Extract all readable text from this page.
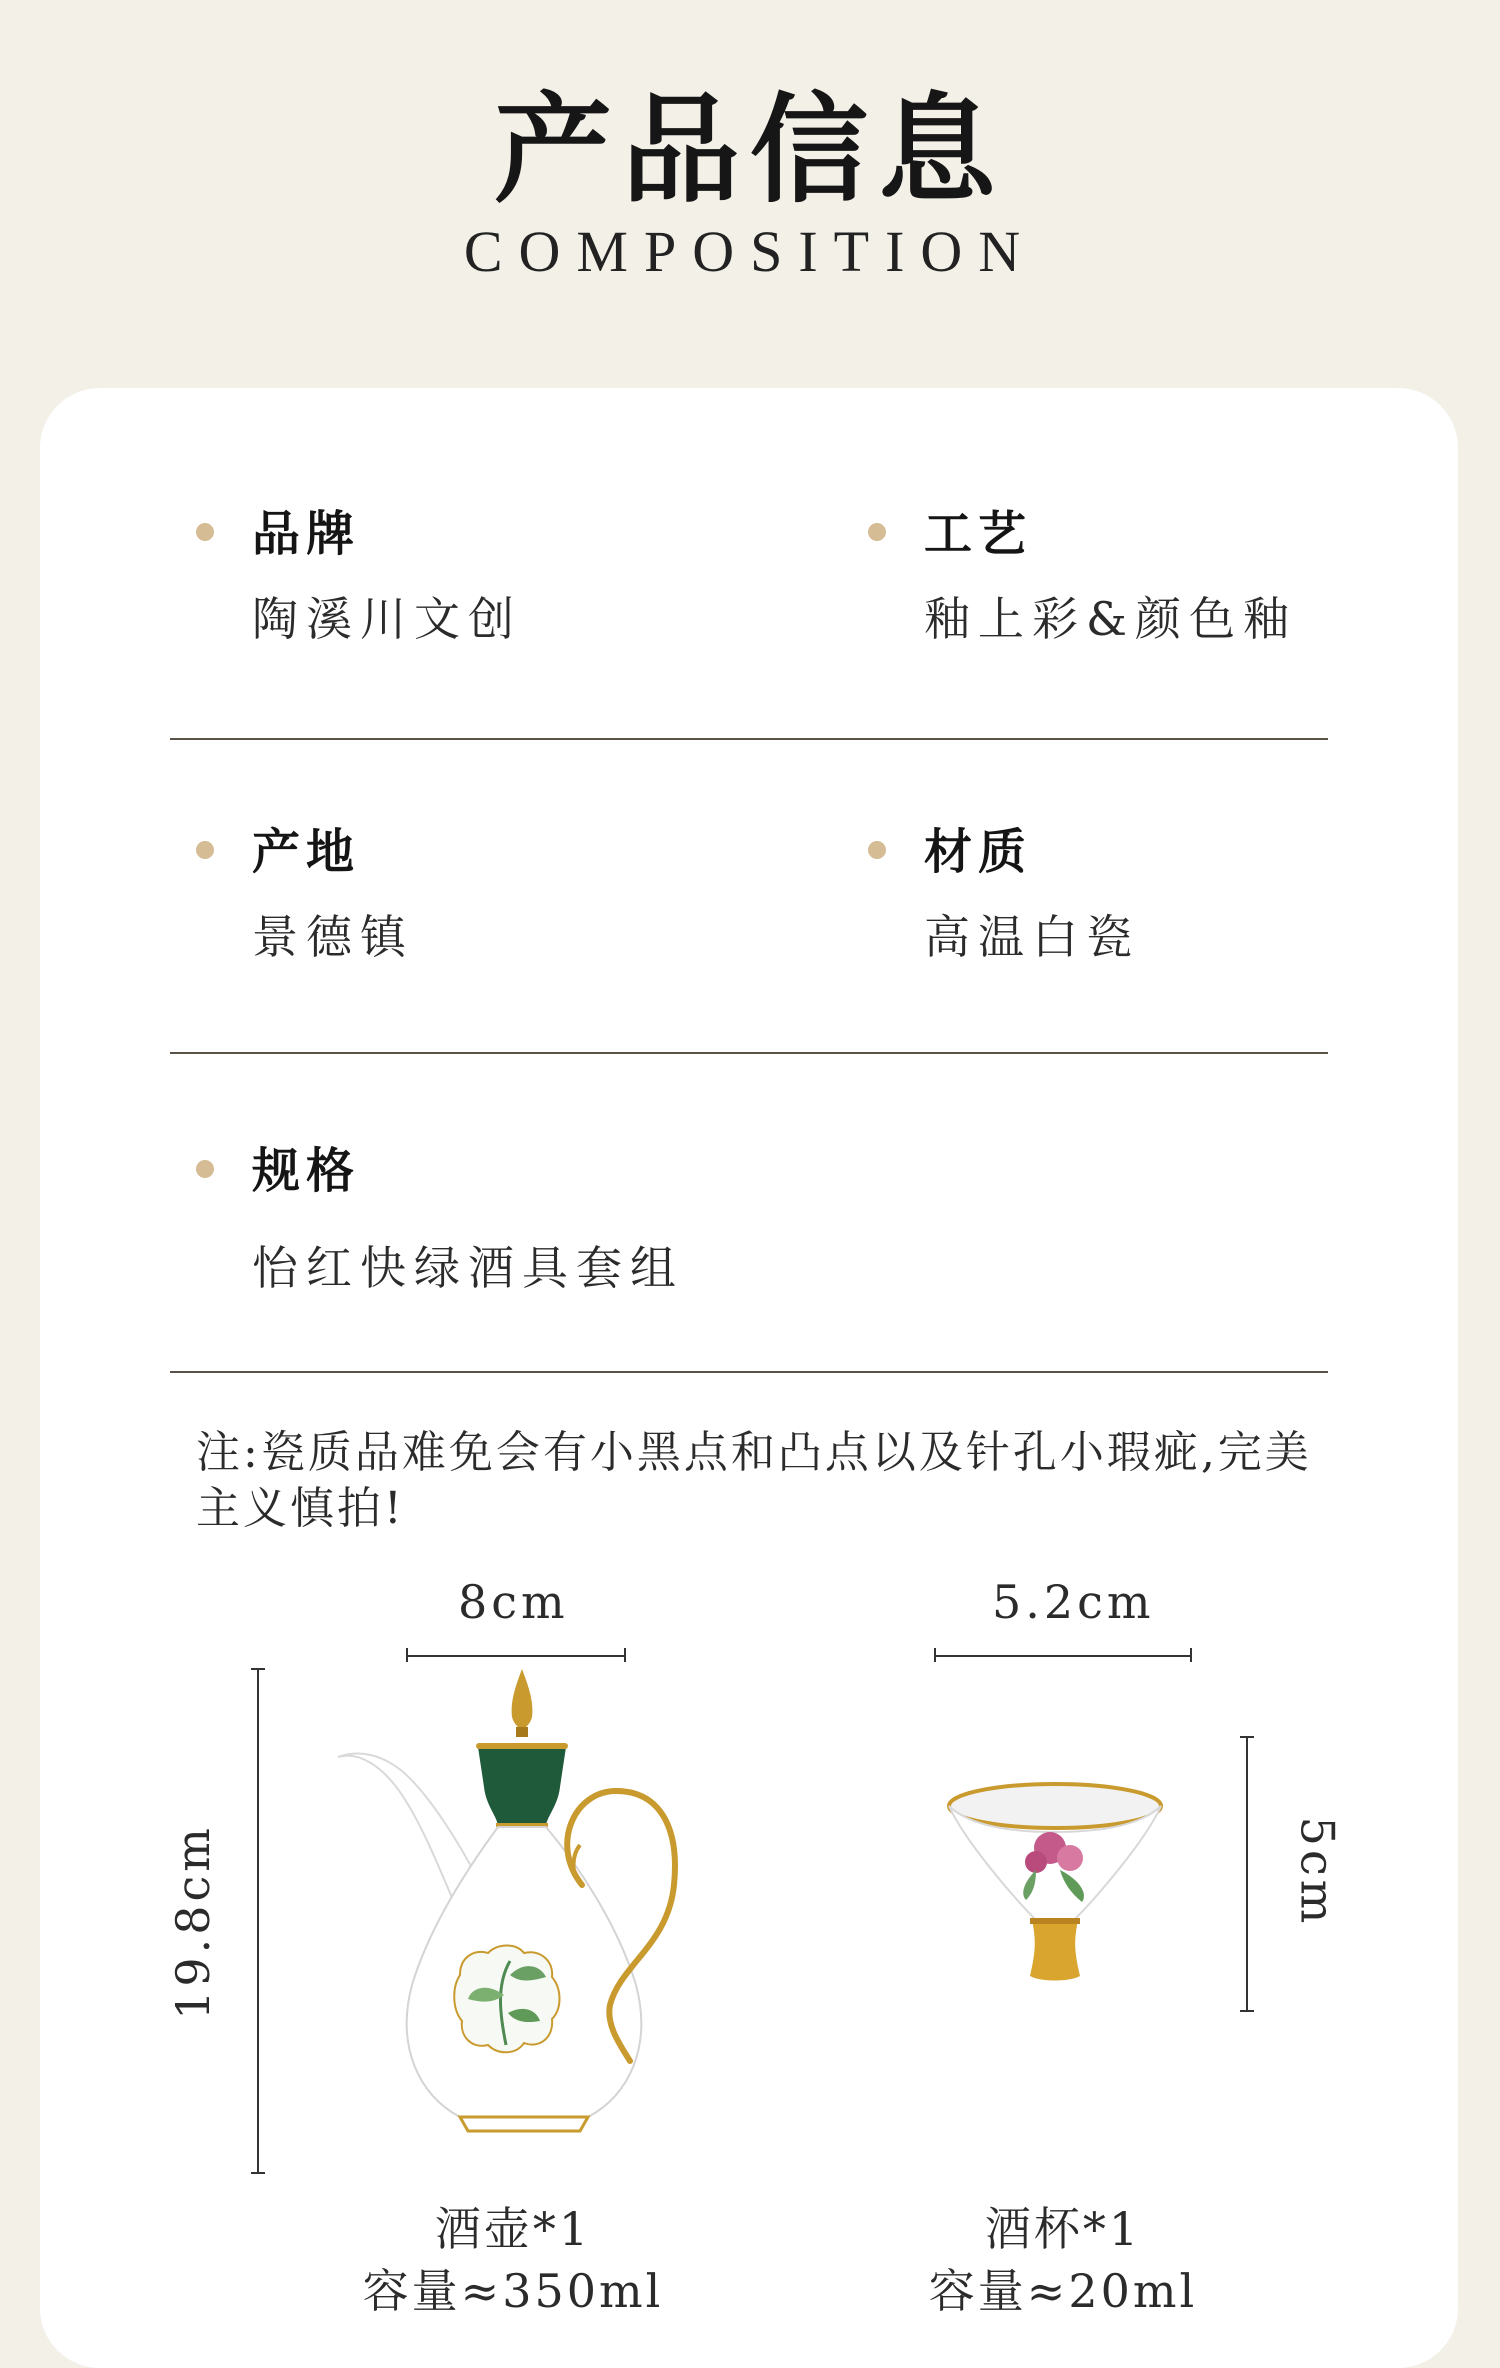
产品信息
COMPOSITION
品牌
陶溪川文创
工艺
釉上彩&颜色釉
产地
景德镇
材质
高温白瓷
规格
怡红快绿酒具套组
注:瓷质品难免会有小黑点和凸点以及针孔小瑕疵,完美主义慎拍!
8cm
19.8cm
5.2cm
5cm
酒壶*1
容量≈350ml
酒杯*1
容量≈20ml
